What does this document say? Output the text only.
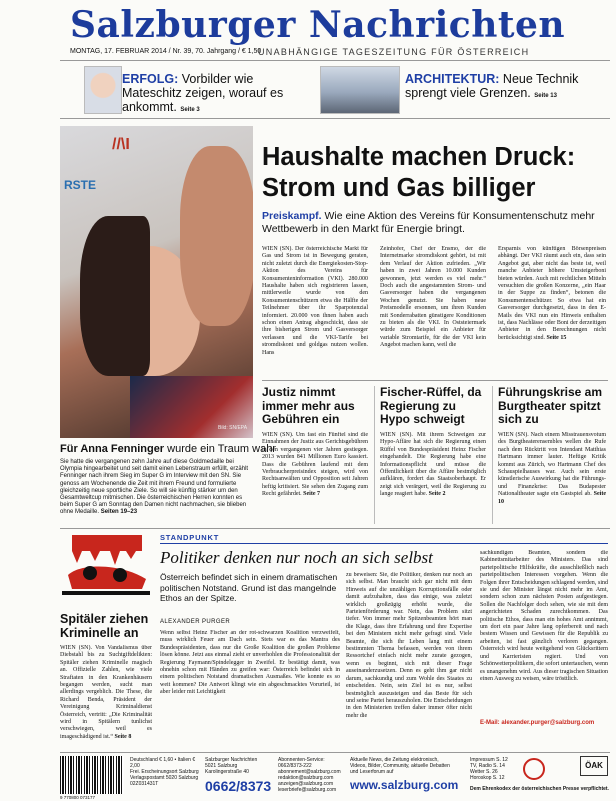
Salzburger Nachrichten
MONTAG, 17. FEBRUAR 2014 / Nr. 39, 70. Jahrgang / € 1,50
UNABHÄNGIGE TAGESZEITUNG FÜR ÖSTERREICH
ERFOLG: Vorbilder wie Mateschitz zeigen, worauf es ankommt. Seite 3
ARCHITEKTUR: Neue Technik sprengt viele Grenzen. Seite 13
//\I
RSTE
Bild: SN/EPA
Für Anna Fenninger wurde ein Traum wahr
Sie hatte die vergangenen zehn Jahre auf diese Goldmedaille bei Olympia hingearbeitet und seit damit einen Lebenstraum erfüllt, erzählt Fenninger nach ihrem Sieg im Super G im Interview mit den SN. Sie genoss am Wochenende die Zeit mit ihrem Freund und formulierte gleichzeitig neue sportliche Ziele. So will sie künftig stärker um den Gesamtweltcup mitmischen. Die österreichischen Herren konnten es beim Super G am Sonntag den Damen nicht nachmachen, sie blieben ohne Medaille. Seiten 19–23
Haushalte machen Druck:
Strom und Gas billiger
Preiskampf. Wie eine Aktion des Vereins für Konsumentenschutz mehr Wettbewerb in den Markt für Energie bringt.
WIEN (SN). Der österreichische Markt für Gas und Strom ist in Bewegung geraten, nicht zuletzt durch die Energiekosten-Stop-Aktion des Vereins für Konsumenteninformation (VKI). 280.000 Haushalte haben sich registrieren lassen, mittlerweile wurde von den Konsumentenschützern etwa die Hälfte der Teilnehmer über ihr Sparpotenzial informiert. 20.000 von ihnen haben auch schon einen Antrag abgeschickt, dass sie ihre bisherigen Strom und Gasversorger verlassen und die VKI-Tarife bei stromdiskont und goldgas nutzen wollen. Hans
Zeinhofer, Chef der Ensmo, der die Internetmarke stromdiskont gehört, ist mit dem Verlauf der Aktion zufrieden. „Wir haben in zwei Jahren 10.000 Kunden gewonnen, jetzt werden es viel mehr.“ Doch auch die angestammten Strom- und Gasversorger haben die vergangenen Wochen genutzt. Sie haben neue Preismodelle ersonnen, um ihren Kunden mit Sonderrabatten günstigere Konditionen zu bieten als die VKI. In Oststeiermark würde zum Beispiel ein Anbieter für variable Stromtarife, für die der VKI kein Angebot machen kann, weil die
Ersparnis von künftigen Börsenpreisen abhängt. Der VKI räumt auch ein, dass sein Angebot gut, aber nicht das beste ist, weil manche Anbieter höhere Umsteigerboni bieten würden. Auch mit rechtlichen Mitteln versuchten die großen Konzerne, „ein Haar in der Suppe zu finden“, betonen die Konsumentenschützer. So etwa hat ein Gasversorger durchgesetzt, dass in den E-Mails des VKI nun ein Hinweis enthalten ist, dass Nachlässe oder Boni der derzeitigen Anbieter in den Berechnungen nicht berücksichtigt sind. Seite 15
Justiz nimmt immer mehr aus Gebühren ein
WIEN (SN). Um fast ein Fünftel sind die Einnahmen der Justiz aus Gerichtsgebühren in den vergangenen vier Jahren gestiegen. 2013 wurden 841 Millionen Euro kassiert. Dass die Gebühren laufend mit dem Verbraucherpreisindex steigen, wird von Rechtsanwälten und Opposition seit Jahren heftig kritisiert. Sie sehen den Zugang zum Recht gefährdet. Seite 7
Fischer-Rüffel, da Regierung zu Hypo schweigt
WIEN (SN). Mit ihrem Schweigen zur Hypo-Affäre hat sich die Regierung einen Rüffel von Bundespräsident Heinz Fischer eingehandelt. Die Regierung habe eine Informationspflicht und müsse die Öffentlichkeit über die Affäre bestmöglich aufklären, fordert das Staatsoberhaupt. Er zeigt sich verärgert, weil die Regierung zu lange reagiert habe. Seite 2
Führungskrise am Burgtheater spitzt sich zu
WIEN (SN). Nach einem Misstrauensvotum des Burgtheaterensembles wellen die Rufe nach dem Rücktritt von Intendant Matthias Hartmann immer lauter. Heftige Kritik kommt aus Zürich, wo Hartmann Chef des Schauspielhauses war. Auch sein erste künstlerische Auswirkung hat die Führungs- und Finanzkrise: Das Budapester Nationaltheater sagte ein Gastspiel ab. Seite 10
STANDPUNKT
Politiker denken nur noch an sich selbst
Österreich befindet sich in einem dramatischen politischen Notstand. Grund ist das mangelnde Ethos an der Spitze.
ALEXANDER PURGER
Wenn selbst Heinz Fischer an der rot-schwarzen Koalition verzweifelt, muss wirklich Feuer am Dach sein. Stets war es das Mantra des Bundespräsidenten, dass nur die Große Koalition die großen Probleme lösen könne. Jetzt aus einmal zieht er unverhohlen die Professionalität der Regierung Faymann/Spindelegger in Zweifel. Er bestätigt damit, was ohnehin schon mit Händen zu greifen war: Österreich befindet sich in einem politischen Notstand dramatischen Ausmaßes. Wie konnte es so weit kommen? Die Antwort klingt wie ein abgeschmacktes Vorurteil, ist aber leider mit Leichtigkeit
zu beweisen: Sie, die Politiker, denken nur noch an sich selbst. Man braucht sich gar nicht mit dem Hinweis auf die unzähligen Korruptionsfälle oder damit aufzuhalten, dass das einige, was zuletzt wirklich großzügig erhöht wurde, die Parteienförderung war. Nein, das Problem sitzt tiefer. Von immer mehr Spitzenbeamten hört man die Klage, dass ihre Erfahrung und ihre Expertise bei den Ministern nicht mehr gefragt sind. Viele Beamte, die sich ihr Leben lang mit einem bestimmten Thema befassen, werden von ihrem Ressortchef einfach nicht mehr zurate gezogen, wenn es beginnt, sich mit dieser Frage auseinanderzusetzen. Denn es geht ihm gar nicht darum, sachkundig und zum Wohle des Staates zu entscheiden. Nein, sein Ziel ist es nur, selbst bestmöglich auszusteigen und das Beste für sich und seine Partei herauszuholen. Die Entscheidungen in den Ministerien treffen daher immer öfter nicht mehr die
sachkundigen Beamten, sondern die Kabinettsmitarbeiter des Ministers. Das sind parteipolitische Hilfskräfte, die ausschließlich nach parteipolitischen Interessen vorgehen. Wenn die Folgen ihrer Entscheidungen schlagend werden, sind sie und der Minister längst nicht mehr im Amt, sondern schon zum nächsten Posten aufgestiegen. Sollen die Nachfolger doch sehen, wie sie mit dem angerichteten Schaden zurechtkommen. Das politische Ethos, dass man ein hohes Amt annimmt, um dort ein paar Jahre lang opferbereit und nach bestem Wissen und Gewissen für die Republik zu arbeiten, ist fast gänzlich verloren gegangen. Österreich wird heute weitgehend von Glücksrittern und Karrieristen regiert. Und von Schönwetterpolitikern, die sofort untertauchen, wenn es unangenehm wird. Aus dieser tragischen Situation einen Ausweg zu weisen, wäre trösttlich.
E-Mail: alexander.purger@salzburg.com
Spitäler ziehen Kriminelle an
WIEN (SN). Von Vandalismus über Diebstahl bis zu Suchtgiftdelikten: Spitäler ziehen Kriminelle magisch an. Offizielle Zahlen, wie viele Straftaten in den Krankenhäusern begangen werden, sucht man allerdings vergeblich. Die These, die Richard Benda, Präsident der Vereinigung Kriminaldienst Österreich, vertritt: „Die Kriminalität wird in Spitälern tunlichst verschwiegen, weil es imageschädigend ist.“ Seite 8
9 770800 073177
Deutschland € 1,60 • Italien € 2,00
Frei. Erscheinungsort Salzburg Verlagspostamt 5020 Salzburg
02Z031431T
Salzburger Nachrichten
5021 Salzburg
Karolingerstraße 40
0662/8373
Abonnenten-Service: 0662/8373-222
abonnement@salzburg.com
redaktion@salzburg.com
anzeigen@salzburg.com
leserbriefe@salzburg.com
Aktuelle News, die Zeitung elektronisch,
Videos, Bilder, Community, aktuelle Debatten
und Leserforum auf
www.salzburg.com
Impressum S. 12
TV, Radio S. 14
Wetter S. 26
Horoskop S. 12
ÖAK
Dem Ehrenkodex der österreichischen Presse verpflichtet.
